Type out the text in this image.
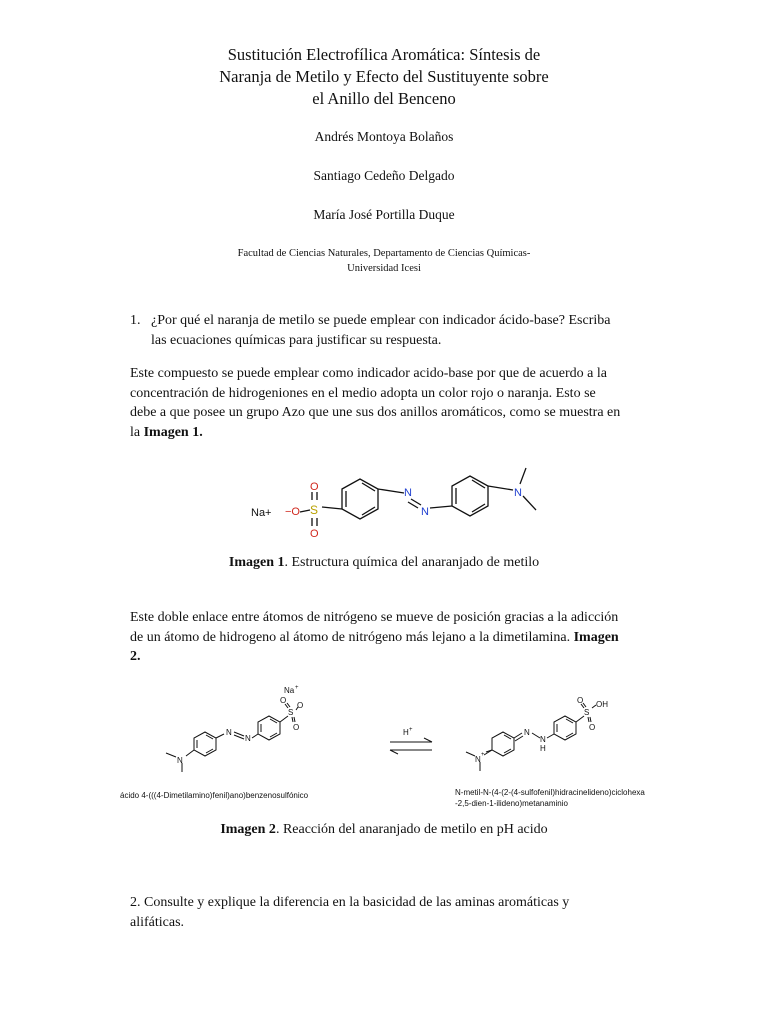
Sustitución Electrofílica Aromática: Síntesis de
Naranja de Metilo y Efecto del Sustituyente sobre
el Anillo del Benceno
Andrés Montoya Bolaños
Santiago Cedeño Delgado
María José Portilla Duque
Facultad de Ciencias Naturales, Departamento de Ciencias Químicas-
Universidad Icesi
1. ¿Por qué el naranja de metilo se puede emplear con indicador ácido-base? Escriba
las ecuaciones químicas para justificar su respuesta.
Este compuesto se puede emplear como indicador acido-base por que de acuerdo a la
concentración de hidrogeniones en el medio adopta un color rojo o naranja. Esto se
debe a que posee un grupo Azo que une sus dos anillos aromáticos, como se muestra en
la Imagen 1.
Na+ −O S
O
O
N
N
N
Imagen 1. Estructura química del anaranjado de metilo
Este doble enlace entre átomos de nitrógeno se mueve de posición gracias a la adicción
de un átomo de hidrogeno al átomo de nitrógeno más lejano a la dimetilamina. Imagen
2.
Na +
O
O
O
S
N
N
N
ácido 4-(((4-Dimetilamino)fenil)ano)benzenosulfónico
H +
O
O
OH
S
N +
N
N
H
N-metil-N-(4-(2-(4-sulfofenil)hidracinelideno)ciclohexa
-2,5-dien-1-ilideno)metanaminio
Imagen 2. Reacción del anaranjado de metilo en pH acido
2. Consulte y explique la diferencia en la basicidad de las aminas aromáticas y
alifáticas.
